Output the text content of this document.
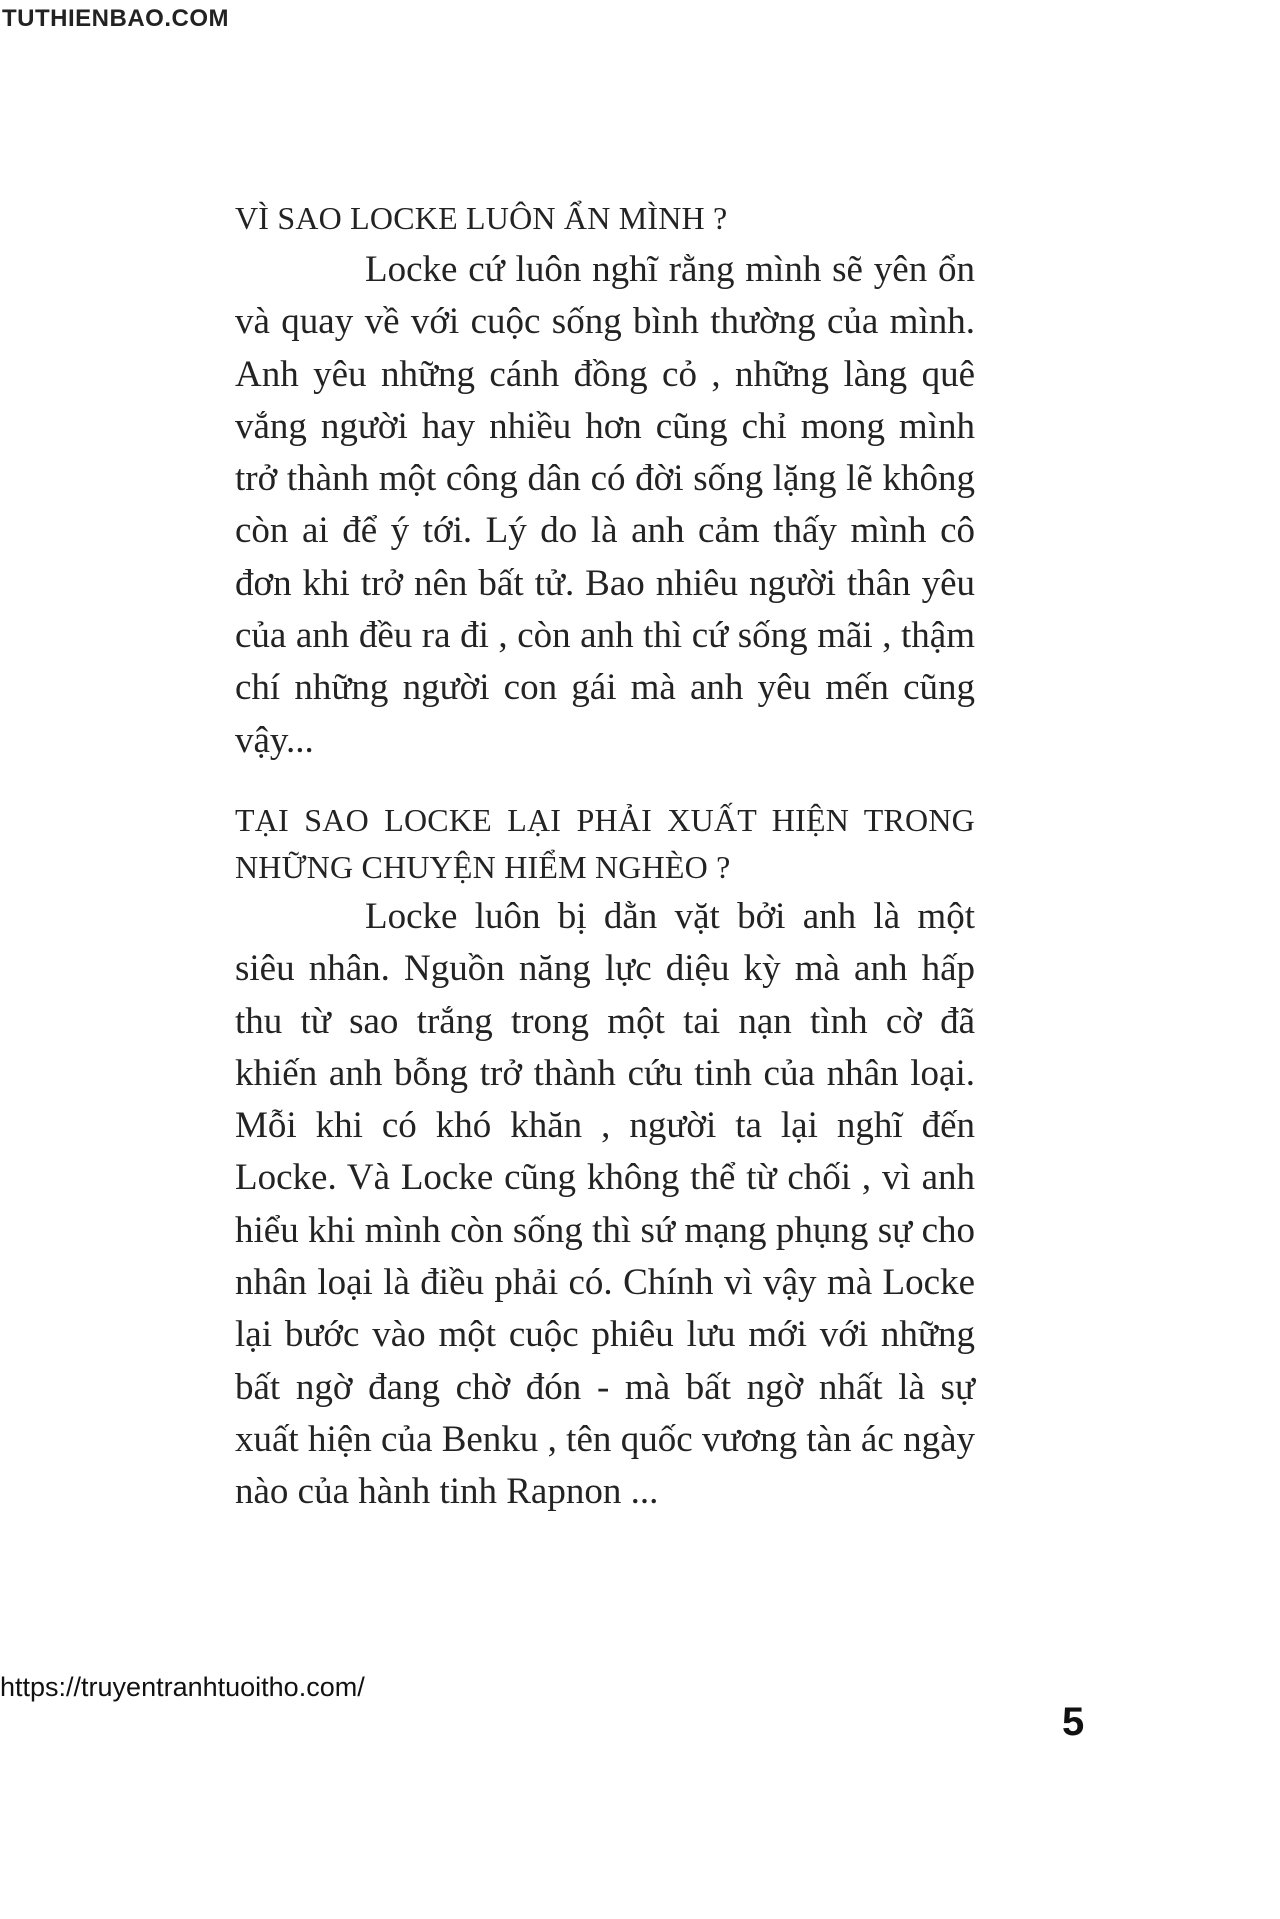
TUTHIENBAO.COM

VÌ SAO LOCKE LUÔN ẨN MÌNH ?

Locke cứ luôn nghĩ rằng mình sẽ yên ổn và quay về với cuộc sống bình thường của mình. Anh yêu những cánh đồng cỏ , những làng quê vắng người hay nhiều hơn cũng chỉ mong mình trở thành một công dân có đời sống lặng lẽ không còn ai để ý tới. Lý do là anh cảm thấy mình cô đơn khi trở nên bất tử. Bao nhiêu người thân yêu của anh đều ra đi , còn anh thì cứ sống mãi , thậm chí những người con gái mà anh yêu mến cũng vậy...

TẠI SAO LOCKE LẠI PHẢI XUẤT HIỆN TRONG NHỮNG CHUYỆN HIỂM NGHÈO ?

Locke luôn bị dằn vặt bởi anh là một siêu nhân. Nguồn năng lực diệu kỳ mà anh hấp thu từ sao trắng trong một tai nạn tình cờ đã khiến anh bỗng trở thành cứu tinh của nhân loại. Mỗi khi có khó khăn , người ta lại nghĩ đến Locke. Và Locke cũng không thể từ chối , vì anh hiểu khi mình còn sống thì sứ mạng phụng sự cho nhân loại là điều phải có. Chính vì vậy mà Locke lại bước vào một cuộc phiêu lưu mới với những bất ngờ đang chờ đón - mà bất ngờ nhất là sự xuất hiện của Benku , tên quốc vương tàn ác ngày nào của hành tinh Rapnon ...

https://truyentranhtuoitho.com/
5
